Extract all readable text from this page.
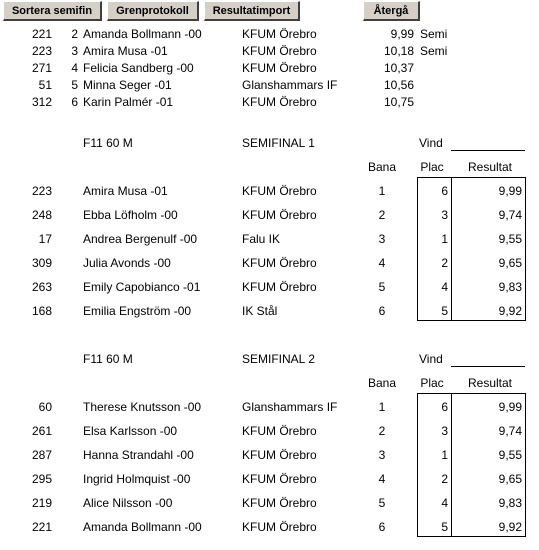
Sortera semifin	Grenprotokoll	Resultatimport	Återgå
221	2 Amanda Bollmann -00	KFUM Örebro	9,99 Semi
223	3 Amira Musa -01	KFUM Örebro	10,18 Semi
271	4 Felicia Sandberg -00	KFUM Örebro	10,37
51	5 Minna Seger -01	Glanshammars IF	10,56
312	6 Karin Palmér -01	KFUM Örebro	10,75
F11 60 M	SEMIFINAL 1	Vind
Bana	Plac	Resultat
223	Amira Musa -01	KFUM Örebro	1	6	9,99
248	Ebba Löfholm -00	KFUM Örebro	2	3	9,74
17	Andrea Bergenulf -00	Falu IK	3	1	9,55
309	Julia Avonds -00	KFUM Örebro	4	2	9,65
263	Emily Capobianco -01	KFUM Örebro	5	4	9,83
168	Emilia Engström -00	IK Stål	6	5	9,92
F11 60 M	SEMIFINAL 2	Vind
Bana	Plac	Resultat
60	Therese Knutsson -00	Glanshammars IF	1	6	9,99
261	Elsa Karlsson -00	KFUM Örebro	2	3	9,74
287	Hanna Strandahl -00	KFUM Örebro	3	1	9,55
295	Ingrid Holmquist -00	KFUM Örebro	4	2	9,65
219	Alice Nilsson -00	KFUM Örebro	5	4	9,83
221	Amanda Bollmann -00	KFUM Örebro	6	5	9,92
